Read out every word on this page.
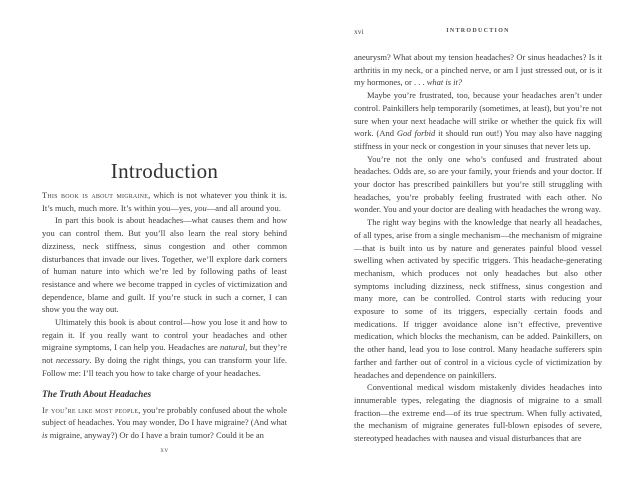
Introduction

This book is about migraine, which is not whatever you think it is. It’s much, much more. It’s within you—yes, you—and all around you.

In part this book is about headaches—what causes them and how you can control them. But you’ll also learn the real story behind dizziness, neck stiffness, sinus congestion and other common disturbances that invade our lives. Together, we’ll explore dark corners of human nature into which we’re led by following paths of least resistance and where we become trapped in cycles of victimization and dependence, blame and guilt. If you’re stuck in such a corner, I can show you the way out.

Ultimately this book is about control—how you lose it and how to regain it. If you really want to control your headaches and other migraine symptoms, I can help you. Headaches are natural, but they’re not necessary. By doing the right things, you can transform your life. Follow me: I’ll teach you how to take charge of your headaches.

The Truth About Headaches

If you’re like most people, you’re probably confused about the whole subject of headaches. You may wonder, Do I have migraine? (And what is migraine, anyway?) Or do I have a brain tumor? Could it be an

xv
xvi	INTRODUCTION

aneurysm? What about my tension headaches? Or sinus headaches? Is it arthritis in my neck, or a pinched nerve, or am I just stressed out, or is it my hormones, or . . . what is it?

Maybe you’re frustrated, too, because your headaches aren’t under control. Painkillers help temporarily (sometimes, at least), but you’re not sure when your next headache will strike or whether the quick fix will work. (And God forbid it should run out!) You may also have nagging stiffness in your neck or congestion in your sinuses that never lets up.

You’re not the only one who’s confused and frustrated about headaches. Odds are, so are your family, your friends and your doctor. If your doctor has prescribed painkillers but you’re still struggling with headaches, you’re probably feeling frustrated with each other. No wonder. You and your doctor are dealing with headaches the wrong way.

The right way begins with the knowledge that nearly all headaches, of all types, arise from a single mechanism—the mechanism of migraine—that is built into us by nature and generates painful blood vessel swelling when activated by specific triggers. This headache-generating mechanism, which produces not only headaches but also other symptoms including dizziness, neck stiffness, sinus congestion and many more, can be controlled. Control starts with reducing your exposure to some of its triggers, especially certain foods and medications. If trigger avoidance alone isn’t effective, preventive medication, which blocks the mechanism, can be added. Painkillers, on the other hand, lead you to lose control. Many headache sufferers spin farther and farther out of control in a vicious cycle of victimization by headaches and dependence on painkillers.

Conventional medical wisdom mistakenly divides headaches into innumerable types, relegating the diagnosis of migraine to a small fraction—the extreme end—of its true spectrum. When fully activated, the mechanism of migraine generates full-blown episodes of severe, stereotyped headaches with nausea and visual disturbances that are
